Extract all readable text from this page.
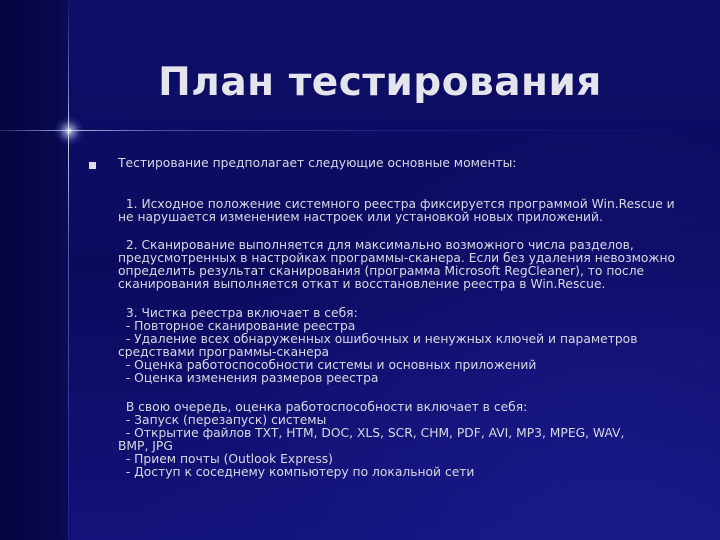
План тестирования

Тестирование предполагает следующие основные моменты:

1. Исходное положение системного реестра фиксируется программой Win.Rescue и
не нарушается изменением настроек или установкой новых приложений.

2. Сканирование выполняется для максимально возможного числа разделов,
предусмотренных в настройках программы-сканера. Если без удаления невозможно
определить результат сканирования (программа Microsoft RegCleaner), то после
сканирования выполняется откат и восстановление реестра в Win.Rescue.

3. Чистка реестра включает в себя:
- Повторное сканирование реестра
- Удаление всех обнаруженных ошибочных и ненужных ключей и параметров
средствами программы-сканера
- Оценка работоспособности системы и основных приложений
- Оценка изменения размеров реестра

В свою очередь, оценка работоспособности включает в себя:
- Запуск (перезапуск) системы
- Открытие файлов TXT, HTM, DOC, XLS, SCR, CHM, PDF, AVI, MP3, MPEG, WAV,
BMP, JPG
- Прием почты (Outlook Express)
- Доступ к соседнему компьютеру по локальной сети
